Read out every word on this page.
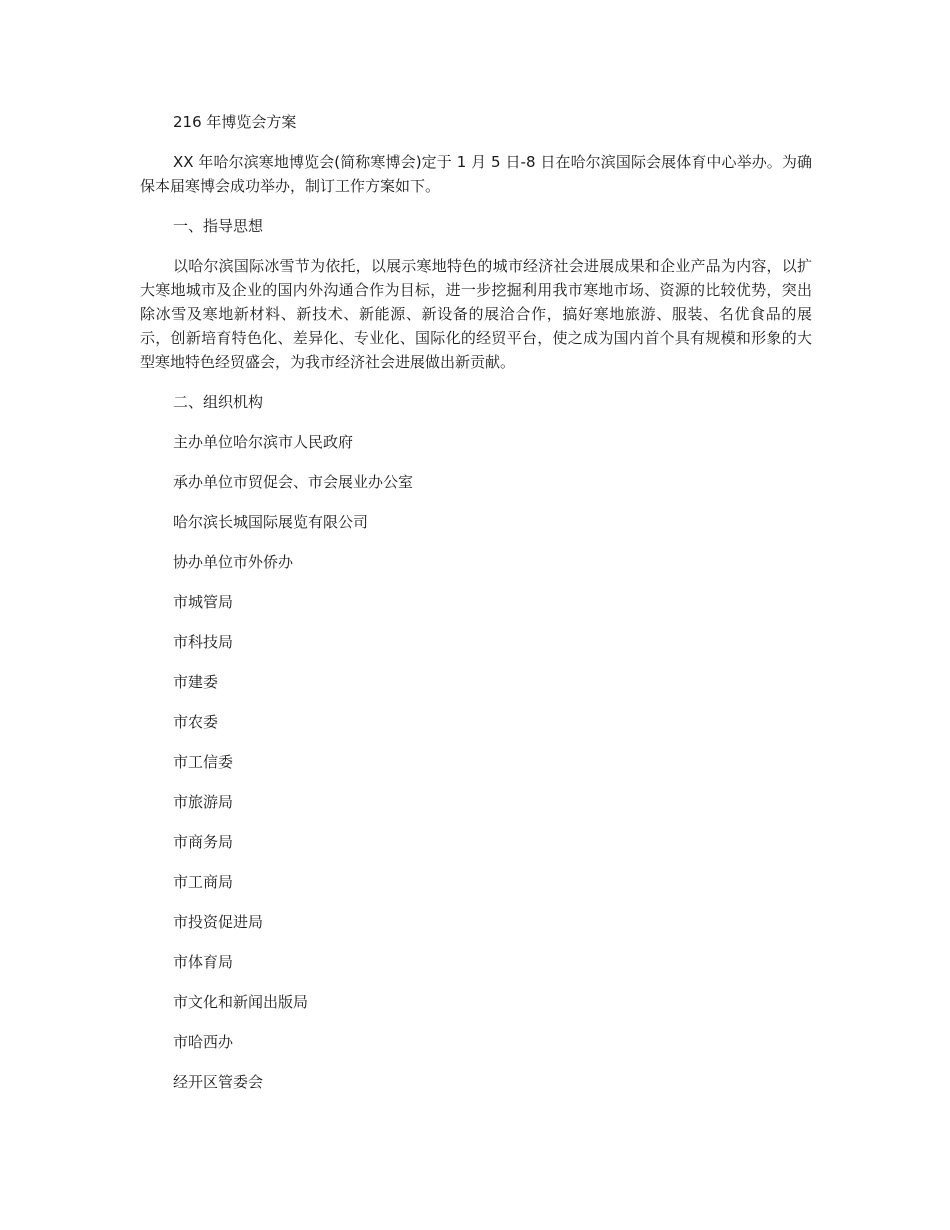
216 年博览会方案

XX 年哈尔滨寒地博览会(简称寒博会)定于 1 月 5 日-8 日在哈尔滨国际会展体育中心举办。为确保本届寒博会成功举办，制订工作方案如下。

一、指导思想

以哈尔滨国际冰雪节为依托，以展示寒地特色的城市经济社会进展成果和企业产品为内容，以扩大寒地城市及企业的国内外沟通合作为目标，进一步挖掘利用我市寒地市场、资源的比较优势，突出除冰雪及寒地新材料、新技术、新能源、新设备的展洽合作，搞好寒地旅游、服装、名优食品的展示，创新培育特色化、差异化、专业化、国际化的经贸平台，使之成为国内首个具有规模和形象的大型寒地特色经贸盛会，为我市经济社会进展做出新贡献。

二、组织机构

主办单位哈尔滨市人民政府

承办单位市贸促会、市会展业办公室

哈尔滨长城国际展览有限公司

协办单位市外侨办

市城管局

市科技局

市建委

市农委

市工信委

市旅游局

市商务局

市工商局

市投资促进局

市体育局

市文化和新闻出版局

市哈西办

经开区管委会
